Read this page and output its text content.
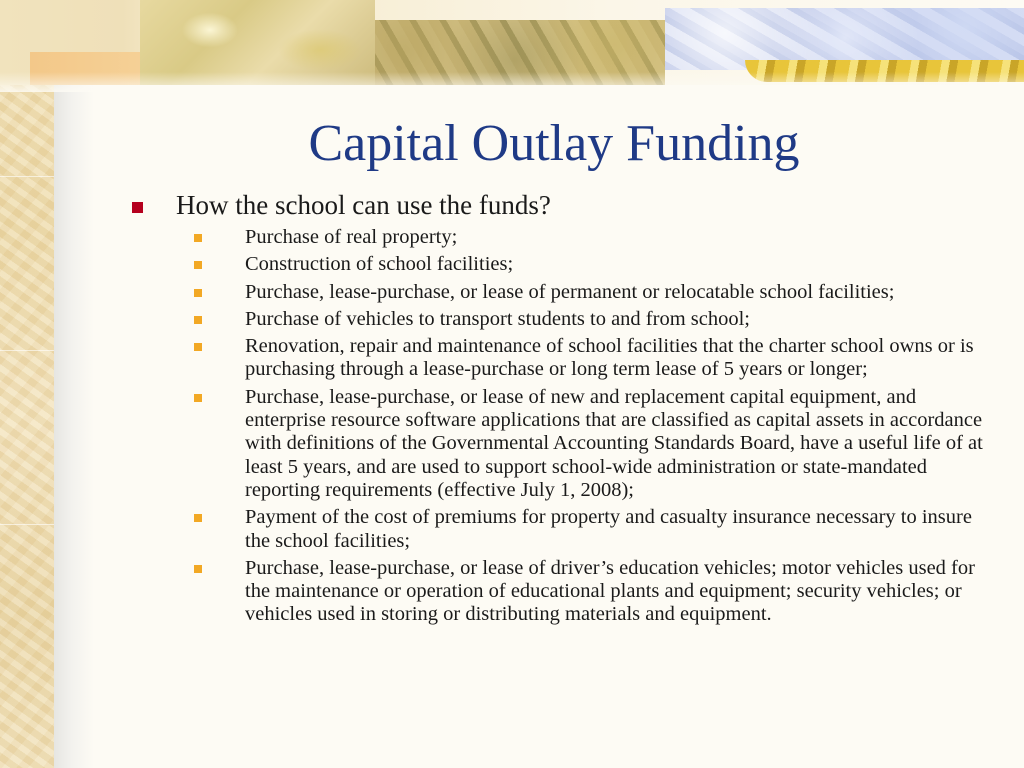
Capital Outlay Funding
How the school can use the funds?
Purchase of real property;
Construction of school facilities;
Purchase, lease-purchase, or lease of permanent or relocatable school facilities;
Purchase of vehicles to transport students to and from school;
Renovation, repair and maintenance of school facilities that the charter school owns or is purchasing through a lease-purchase or long term lease of 5 years or longer;
Purchase, lease-purchase, or lease of new and replacement capital equipment, and enterprise resource software applications that are classified as capital assets in accordance with definitions of the Governmental Accounting Standards Board, have a useful life of at least 5 years, and are used to support school-wide administration or state-mandated reporting requirements (effective July 1, 2008);
Payment of the cost of premiums for property and casualty insurance necessary to insure the school facilities;
Purchase, lease-purchase, or lease of driver’s education vehicles; motor vehicles used for the maintenance or operation of educational plants and equipment; security vehicles; or vehicles used in storing or distributing materials and equipment.
